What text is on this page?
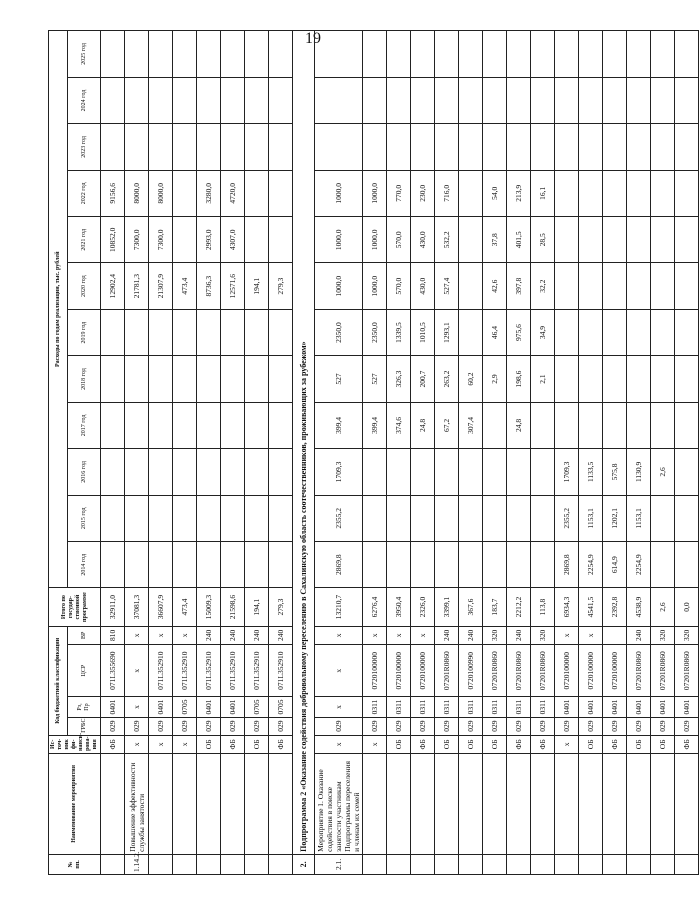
19
№ пп.	Наименование мероприятия	Ис-точ-ник фи-нанси-рова-ния	Код бюджетной классификации				Итого по государ-ственной программе	Расходы по годам реализации, тыс. рублей											
			ГРБС	Рз, Пр	ЦСР	ВР		2014 год	2015 год	2016 год	2017 год	2018 год	2019 год	2020 год	2021 год	2022 год	2023 год	2024 год	2025 год
		ФБ	029	0401	071L355690	810	32911,0							12902,4	10852,0	9156,6			
1.14.2.	Повышение эффективности службы занятости	x	029	x	x	x	37081,3							21781,3	7300,0	8000,0			
		x	029	0401	071L352910	x	36607,9							21307,9	7300,0	8000,0			
		x	029	0705	071L352910	x	473,4							473,4					
		ОБ	029	0401	071L352910	240	15009,3							8736,3	2993,0	3280,0			
		ФБ	029	0401	071L352910	240	21598,6							12571,6	4307,0	4720,0			
		ОБ	029	0705	071L352910	240	194,1							194,1					
		ФБ	029	0705	071L352910	240	279,3							279,3					
2.	Подпрограмма 2 «Оказание содействия добровольному переселению в Сахалинскую область соотечественников, проживающих за рубежом»																		
2.1.	Мероприятие 1. Оказание содействия в поиске занятости участникам Подпрограммы переселения и членам их семей	x	029	x	x	x	13210,7	2869,8	2355,2	1709,3	399,4	527	2350,0	1000,0	1000,0	1000,0			
		x	029	0311	0720100000	x	6276,4				399,4	527	2350,0	1000,0	1000,0	1000,0			
		ОБ	029	0311	0720100000	x	3950,4				374,6	326,3	1339,5	570,0	570,0	770,0			
		ФБ	029	0311	0720100000	x	2326,0				24,8	200,7	1010,5	430,0	430,0	230,0			
		ОБ	029	0311	07201R0860	240	3399,1				67,2	263,2	1293,1	527,4	532,2	716,0			
		ОБ	029	0311	0720100990	240	367,6				307,4	60,2							
		ОБ	029	0311	07201R0860	320	183,7					2,9	46,4	42,6	37,8	54,0			
		ФБ	029	0311	07201R0860	240	2212,2				24,8	198,6	975,6	397,8	401,5	213,9			
		ФБ	029	0311	07201R0860	320	113,8					2,1	34,9	32,2	28,5	16,1			
		x	029	0401	0720100000	x	6934,3	2869,8	2355,2	1709,3									
		ОБ	029	0401	0720100000	x	4541,5	2254,9	1153,1	1133,5									
		ФБ	029	0401	0720100000		2392,8	614,9	1202,1	575,8									
		ОБ	029	0401	07201R0860	240	4538,9	2254,9	1153,1	1130,9									
		ОБ	029	0401	07201R0860	320	2,6			2,6									
		ФБ	029	0401	07201R0860	320	0,0												
